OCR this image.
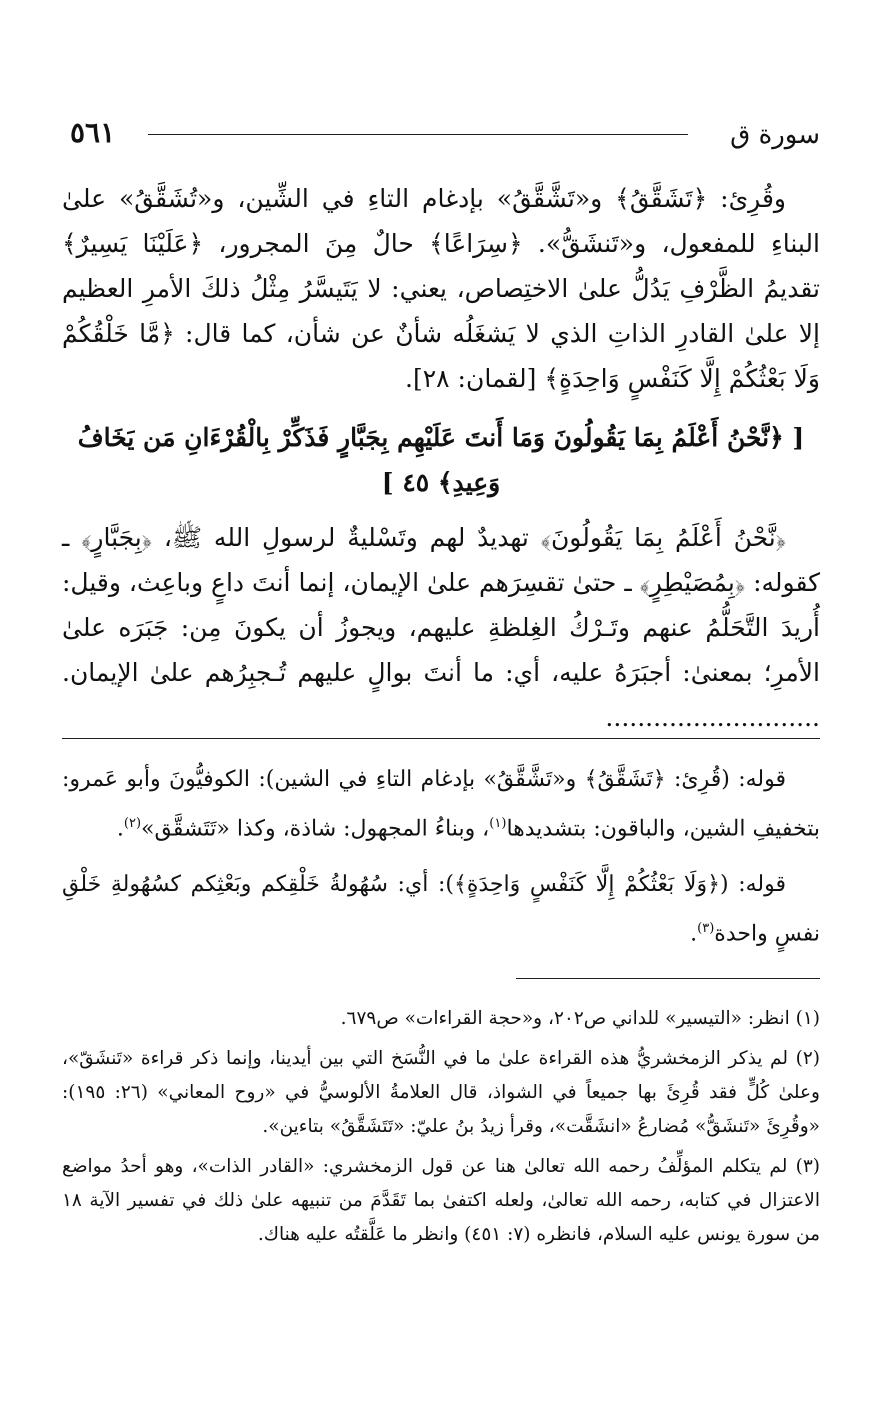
سورة ق
٥٦١

وقُرِئ: ﴿تَشَقَّقُ﴾ و«تَشَّقَّقُ» بإدغام التاءِ في الشِّين، و«تُشَقَّقُ» علىٰ البناءِ للمفعول، و«تَنشَقُّ». ﴿سِرَاعًا﴾ حالٌ مِنَ المجرور، ﴿عَلَيْنَا يَسِيرٌ﴾ تقديمُ الظَّرْفِ يَدُلُّ علىٰ الاختِصاص، يعني: لا يَتَيسَّرُ مِثْلُ ذلكَ الأمرِ العظيم إلا علىٰ القادرِ الذاتِ الذي لا يَشغَلُه شأنٌ عن شأن، كما قال: ﴿مَّا خَلْقُكُمْ وَلَا بَعْثُكُمْ إِلَّا كَنَفْسٍ وَاحِدَةٍ﴾ [لقمان: ٢٨].

[ ﴿نَّحْنُ أَعْلَمُ بِمَا يَقُولُونَ وَمَا أَنتَ عَلَيْهِم بِجَبَّارٍ فَذَكِّرْ بِالْقُرْءَانِ مَن يَخَافُ وَعِيدِ﴾ ٤٥ ]

﴿نَّحْنُ أَعْلَمُ بِمَا يَقُولُونَ﴾ تهديدٌ لهم وتَسْليةٌ لرسولِ الله ﷺ، ﴿بِجَبَّارٍ﴾ ـ كقوله: ﴿بِمُصَيْطِرٍ﴾ ـ حتىٰ تقسِرَهم علىٰ الإيمان، إنما أنتَ داعٍ وباعِث، وقيل: أُريدَ التَّحَلُّمُ عنهم وتَـرْكُ الغِلظةِ عليهم، ويجوزُ أن يكونَ مِن: جَبَرَه علىٰ الأمرِ؛ بمعنىٰ: أجبَرَهُ عليه، أي: ما أنتَ بوالٍ عليهم تُـجبِرُهم علىٰ الإيمان. ...........................

قوله: (قُرِئ: ﴿تَشَقَّقُ﴾ و«تَشَّقَّقُ» بإدغام التاءِ في الشين): الكوفيُّونَ وأبو عَمرو: بتخفيفِ الشين، والباقون: بتشديدها$^{(١)}$، وبناءُ المجهول: شاذة، وكذا «تَتَشقَّق»$^{(٢)}$.

قوله: (﴿وَلَا بَعْثُكُمْ إِلَّا كَنَفْسٍ وَاحِدَةٍ﴾): أي: سُهُولةُ خَلْقِكم وبَعْثِكم كسُهُولةِ خَلْقِ نفسٍ واحدة$^{(٣)}$.

(١) انظر: «التيسير» للداني ص٢٠٢، و«حجة القراءات» ص٦٧٩.

(٢) لم يذكر الزمخشريُّ هذه القراءة علىٰ ما في النُّسَخ التي بين أيدينا، وإنما ذكر قراءة «تَنشَقّ»، وعلىٰ كُلٍّ فقد قُرِئَ بها جميعاً في الشواذ، قال العلامةُ الألوسيُّ في «روح المعاني» (٢٦: ١٩٥): «وقُرِئَ «تَنشَقُّ» مُضارعُ «انشَقَّت»، وقرأ زيدُ بنُ عليّ: «تَتَشَقَّقُ» بتاءين».

(٣) لم يتكلم المؤلِّفُ رحمه الله تعالىٰ هنا عن قول الزمخشري: «القادر الذات»، وهو أحدُ مواضع الاعتزال في كتابه، رحمه الله تعالىٰ، ولعله اكتفىٰ بما تَقَدَّمَ من تنبيهه علىٰ ذلك في تفسير الآية ١٨ من سورة يونس عليه السلام، فانظره (٧: ٤٥١) وانظر ما عَلَّقتُه عليه هناك.
